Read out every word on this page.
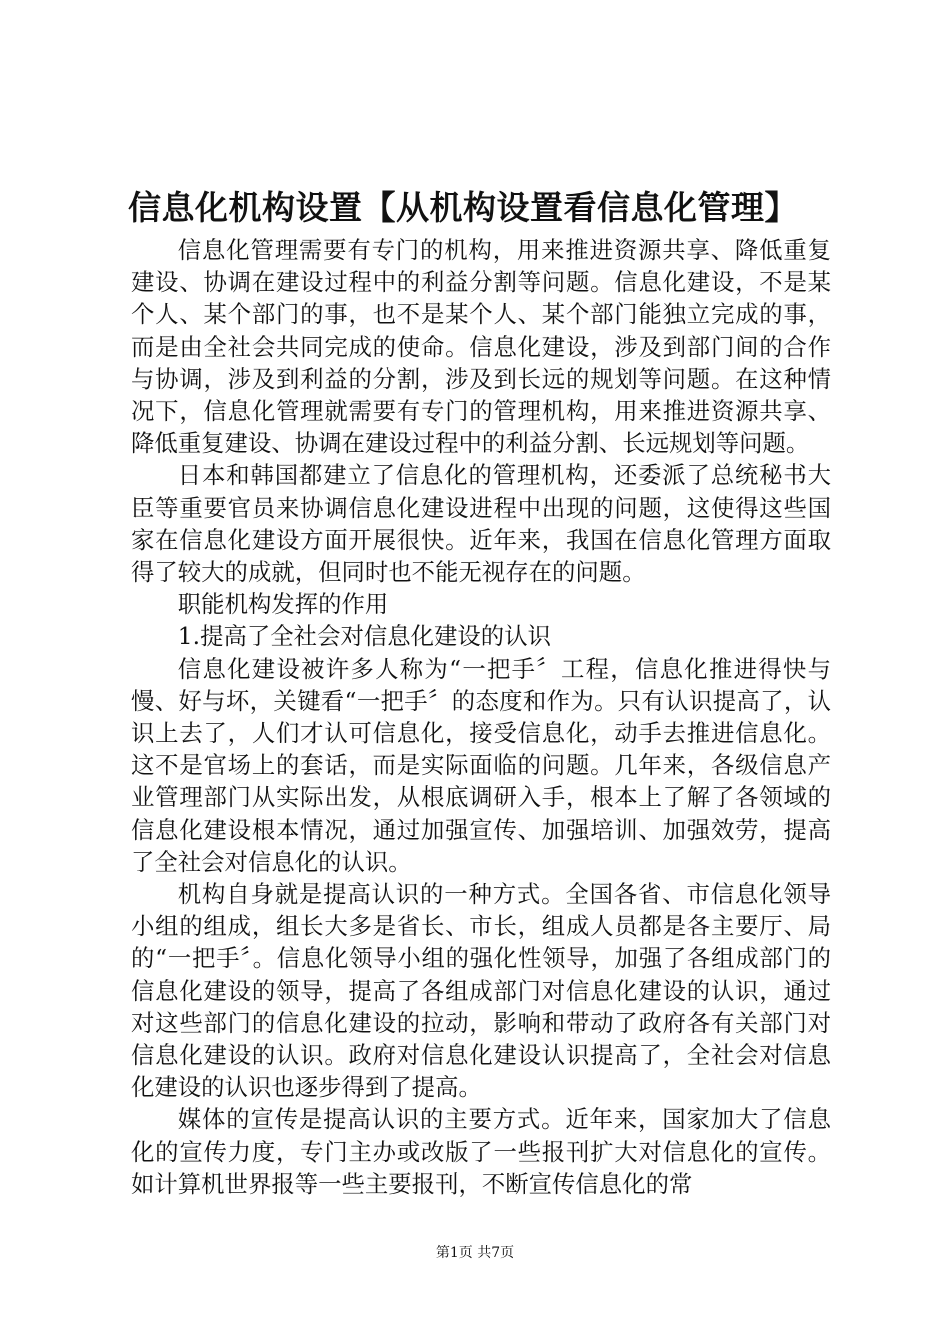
信息化机构设置【从机构设置看信息化管理】

信息化管理需要有专门的机构，用来推进资源共享、降低重复建设、协调在建设过程中的利益分割等问题。信息化建设，不是某个人、某个部门的事，也不是某个人、某个部门能独立完成的事，而是由全社会共同完成的使命。信息化建设，涉及到部门间的合作与协调，涉及到利益的分割，涉及到长远的规划等问题。在这种情况下，信息化管理就需要有专门的管理机构，用来推进资源共享、降低重复建设、协调在建设过程中的利益分割、长远规划等问题。

日本和韩国都建立了信息化的管理机构，还委派了总统秘书大臣等重要官员来协调信息化建设进程中出现的问题，这使得这些国家在信息化建设方面开展很快。近年来，我国在信息化管理方面取得了较大的成就，但同时也不能无视存在的问题。

职能机构发挥的作用

1.提高了全社会对信息化建设的认识

信息化建设被许多人称为“一把手〞工程，信息化推进得快与慢、好与坏，关键看“一把手〞的态度和作为。只有认识提高了，认识上去了，人们才认可信息化，接受信息化，动手去推进信息化。这不是官场上的套话，而是实际面临的问题。几年来，各级信息产业管理部门从实际出发，从根底调研入手，根本上了解了各领域的信息化建设根本情况，通过加强宣传、加强培训、加强效劳，提高了全社会对信息化的认识。

机构自身就是提高认识的一种方式。全国各省、市信息化领导小组的组成，组长大多是省长、市长，组成人员都是各主要厅、局的“一把手〞。信息化领导小组的强化性领导，加强了各组成部门的信息化建设的领导，提高了各组成部门对信息化建设的认识，通过对这些部门的信息化建设的拉动，影响和带动了政府各有关部门对信息化建设的认识。政府对信息化建设认识提高了，全社会对信息化建设的认识也逐步得到了提高。

媒体的宣传是提高认识的主要方式。近年来，国家加大了信息化的宣传力度，专门主办或改版了一些报刊扩大对信息化的宣传。如计算机世界报等一些主要报刊，不断宣传信息化的常

第1页 共7页
